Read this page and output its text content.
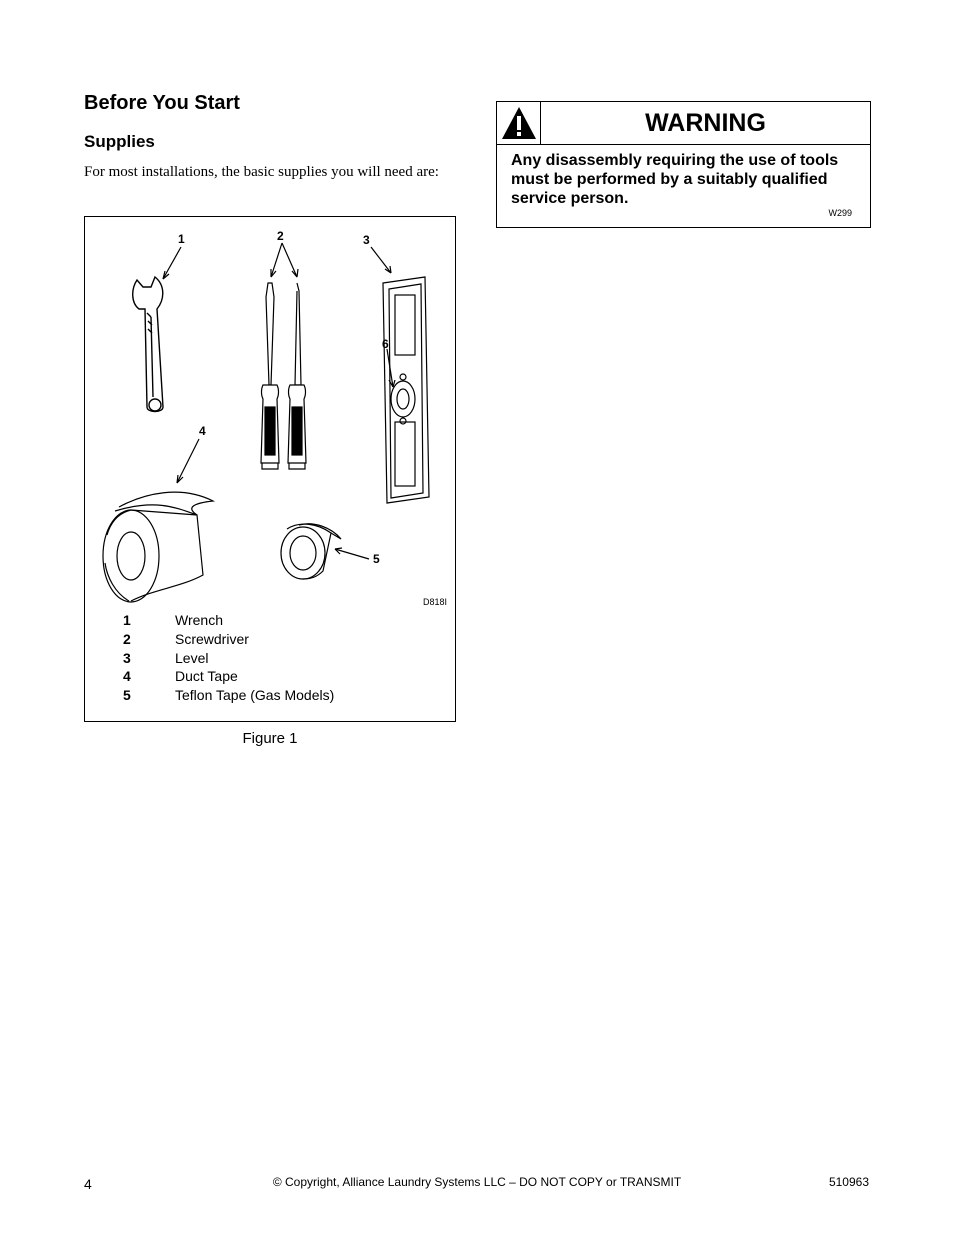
Before You Start
Supplies

For most installations, the basic supplies you will need are:

1	2	3
6
4
5
D818I
1	Wrench
2	Screwdriver
3	Level
4	Duct Tape
5	Teflon Tape (Gas Models)
Figure 1
WARNING

Any disassembly requiring the use of tools must be performed by a suitably qualified service person.

W299
4	© Copyright, Alliance Laundry Systems LLC – DO NOT COPY or TRANSMIT	510963
